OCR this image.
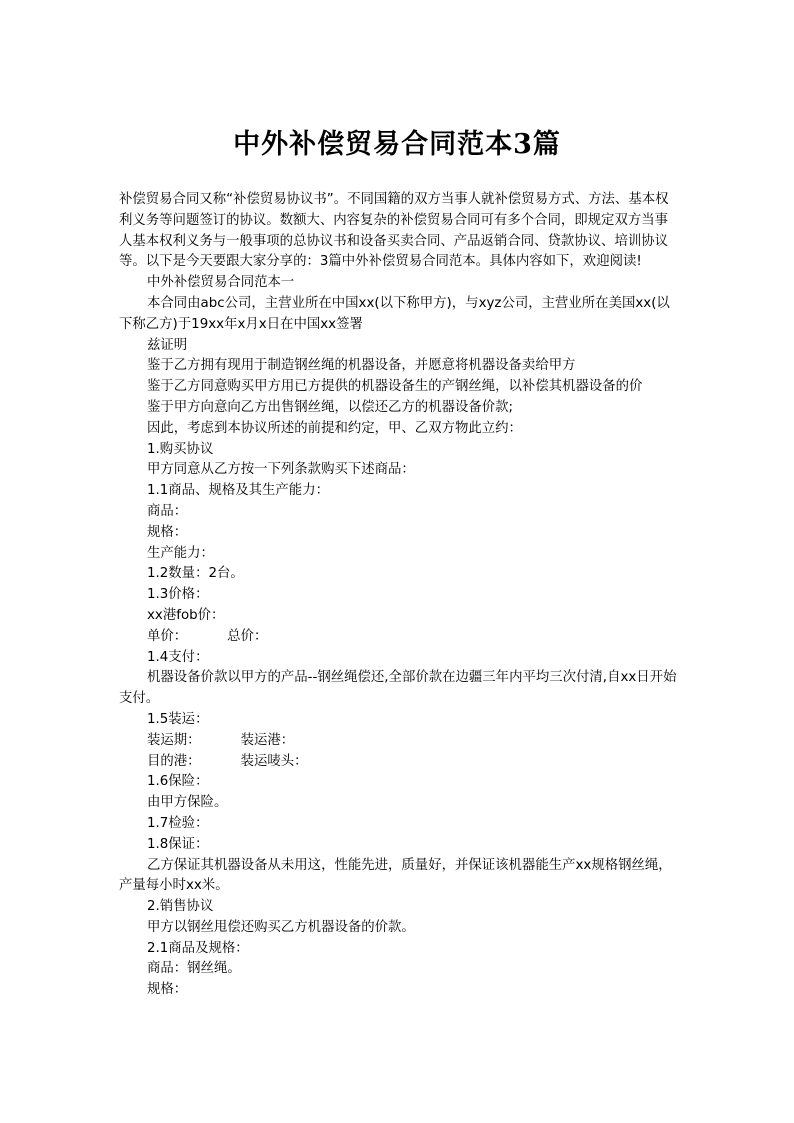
中外补偿贸易合同范本3篇

补偿贸易合同又称“补偿贸易协议书”。不同国籍的双方当事人就补偿贸易方式、方法、基本权利义务等问题签订的协议。数额大、内容复杂的补偿贸易合同可有多个合同，即规定双方当事人基本权利义务与一般事项的总协议书和设备买卖合同、产品返销合同、贷款协议、培训协议等。以下是今天要跟大家分享的：3篇中外补偿贸易合同范本。具体内容如下，欢迎阅读!

中外补偿贸易合同范本一

本合同由abc公司，主营业所在中国xx(以下称甲方)，与xyz公司，主营业所在美国xx(以下称乙方)于19xx年x月x日在中国xx签署

兹证明

鉴于乙方拥有现用于制造钢丝绳的机器设备，并愿意将机器设备卖给甲方

鉴于乙方同意购买甲方用已方提供的机器设备生的产钢丝绳，以补偿其机器设备的价

鉴于甲方向意向乙方出售钢丝绳，以偿还乙方的机器设备价款;

因此，考虑到本协议所述的前提和约定，甲、乙双方物此立约：

1.购买协议

甲方同意从乙方按一下列条款购买下述商品：

1.1商品、规格及其生产能力：

商品：

规格：

生产能力：

1.2数量：2台。

1.3价格：

xx港fob价：

单价：	总价：

1.4支付：

机器设备价款以甲方的产品--钢丝绳偿还,全部价款在边疆三年内平均三次付清,自xx日开始支付。

1.5装运：

装运期：	装运港：

目的港：	装运唛头：

1.6保险：

由甲方保险。

1.7检验：

1.8保证：

乙方保证其机器设备从未用这，性能先进，质量好，并保证该机器能生产xx规格钢丝绳，产量每小时xx米。

2.销售协议

甲方以钢丝甩偿还购买乙方机器设备的价款。

2.1商品及规格：

商品：钢丝绳。

规格：
